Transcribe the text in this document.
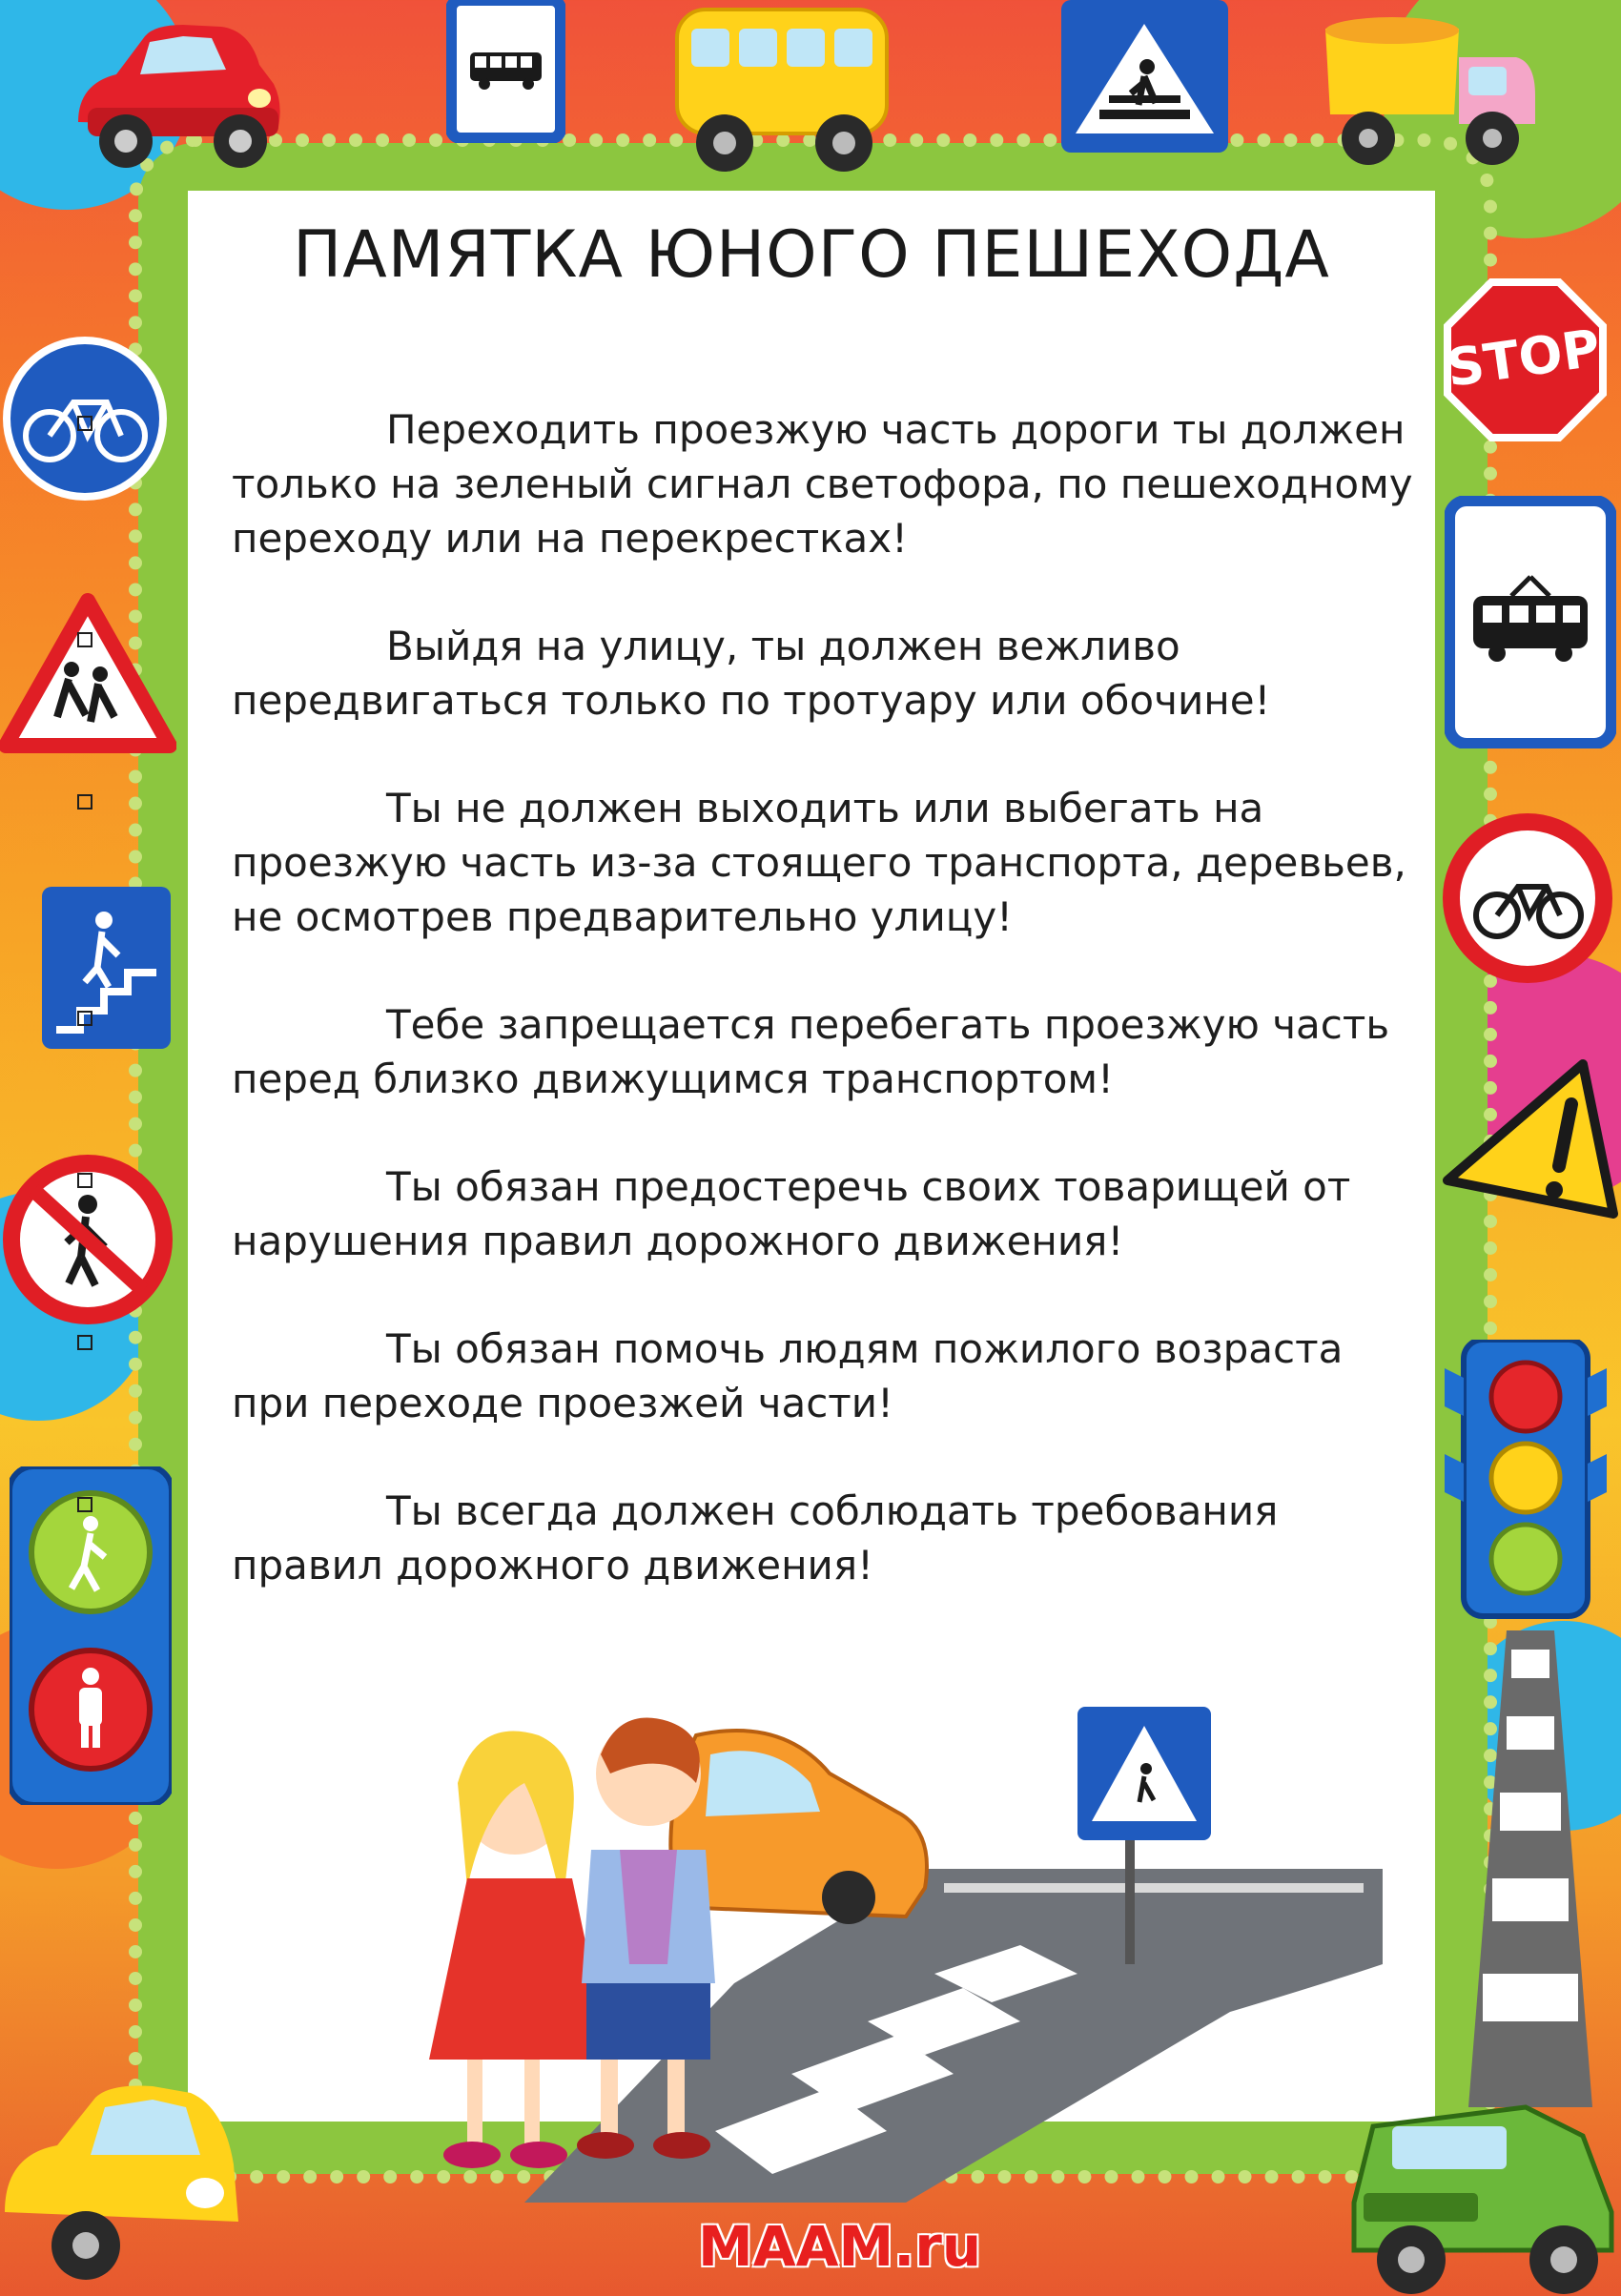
STOP
ПАМЯТКА ЮНОГО ПЕШЕХОДА

Переходить проезжую часть дороги ты должен только на зеленый сигнал светофора, по пешеходному переходу или на перекрестках!

Выйдя на улицу, ты должен вежливо передвигаться только по тротуару или обочине!

Ты не должен выходить или выбегать на проезжую часть из-за стоящего транспорта, деревьев, не осмотрев предварительно улицу!

Тебе запрещается перебегать проезжую часть перед близко движущимся транспортом!

Ты обязан предостеречь своих товарищей от нарушения правил дорожного движения!

Ты обязан помочь людям пожилого возраста при переходе проезжей части!

Ты всегда должен соблюдать требования правил дорожного движения!

MAAM.ru
